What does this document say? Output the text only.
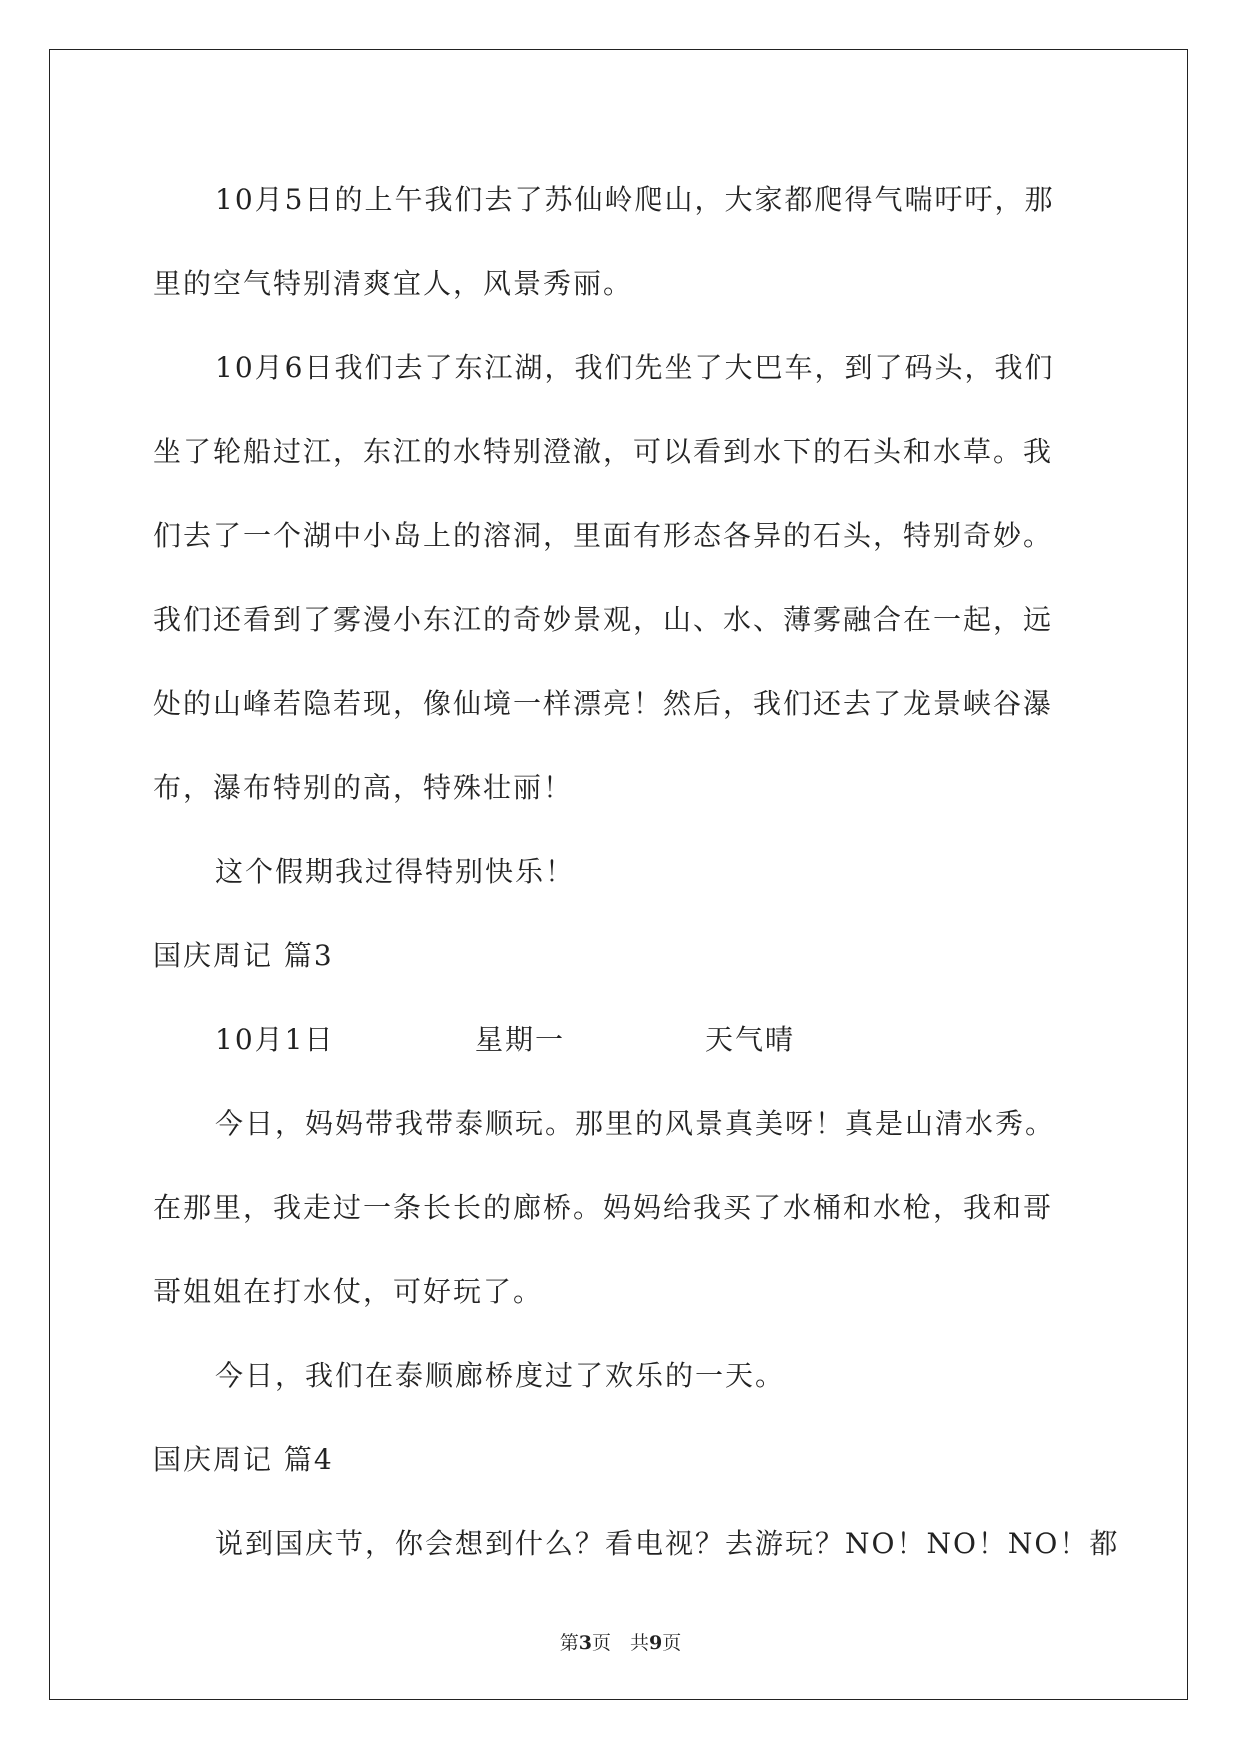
10月5日的上午我们去了苏仙岭爬山，大家都爬得气喘吁吁，那
里的空气特别清爽宜人，风景秀丽。
10月6日我们去了东江湖，我们先坐了大巴车，到了码头，我们
坐了轮船过江，东江的水特别澄澈，可以看到水下的石头和水草。我
们去了一个湖中小岛上的溶洞，里面有形态各异的石头，特别奇妙。
我们还看到了雾漫小东江的奇妙景观，山、水、薄雾融合在一起，远
处的山峰若隐若现，像仙境一样漂亮！然后，我们还去了龙景峡谷瀑
布，瀑布特别的高，特殊壮丽！
这个假期我过得特别快乐！
国庆周记 篇3
10月1日	星期一	天气晴
今日，妈妈带我带泰顺玩。那里的风景真美呀！真是山清水秀。
在那里，我走过一条长长的廊桥。妈妈给我买了水桶和水枪，我和哥
哥姐姐在打水仗，可好玩了。
今日，我们在泰顺廊桥度过了欢乐的一天。
国庆周记 篇4
说到国庆节，你会想到什么？看电视？去游玩？NO！NO！NO！都
第3页　共9页
